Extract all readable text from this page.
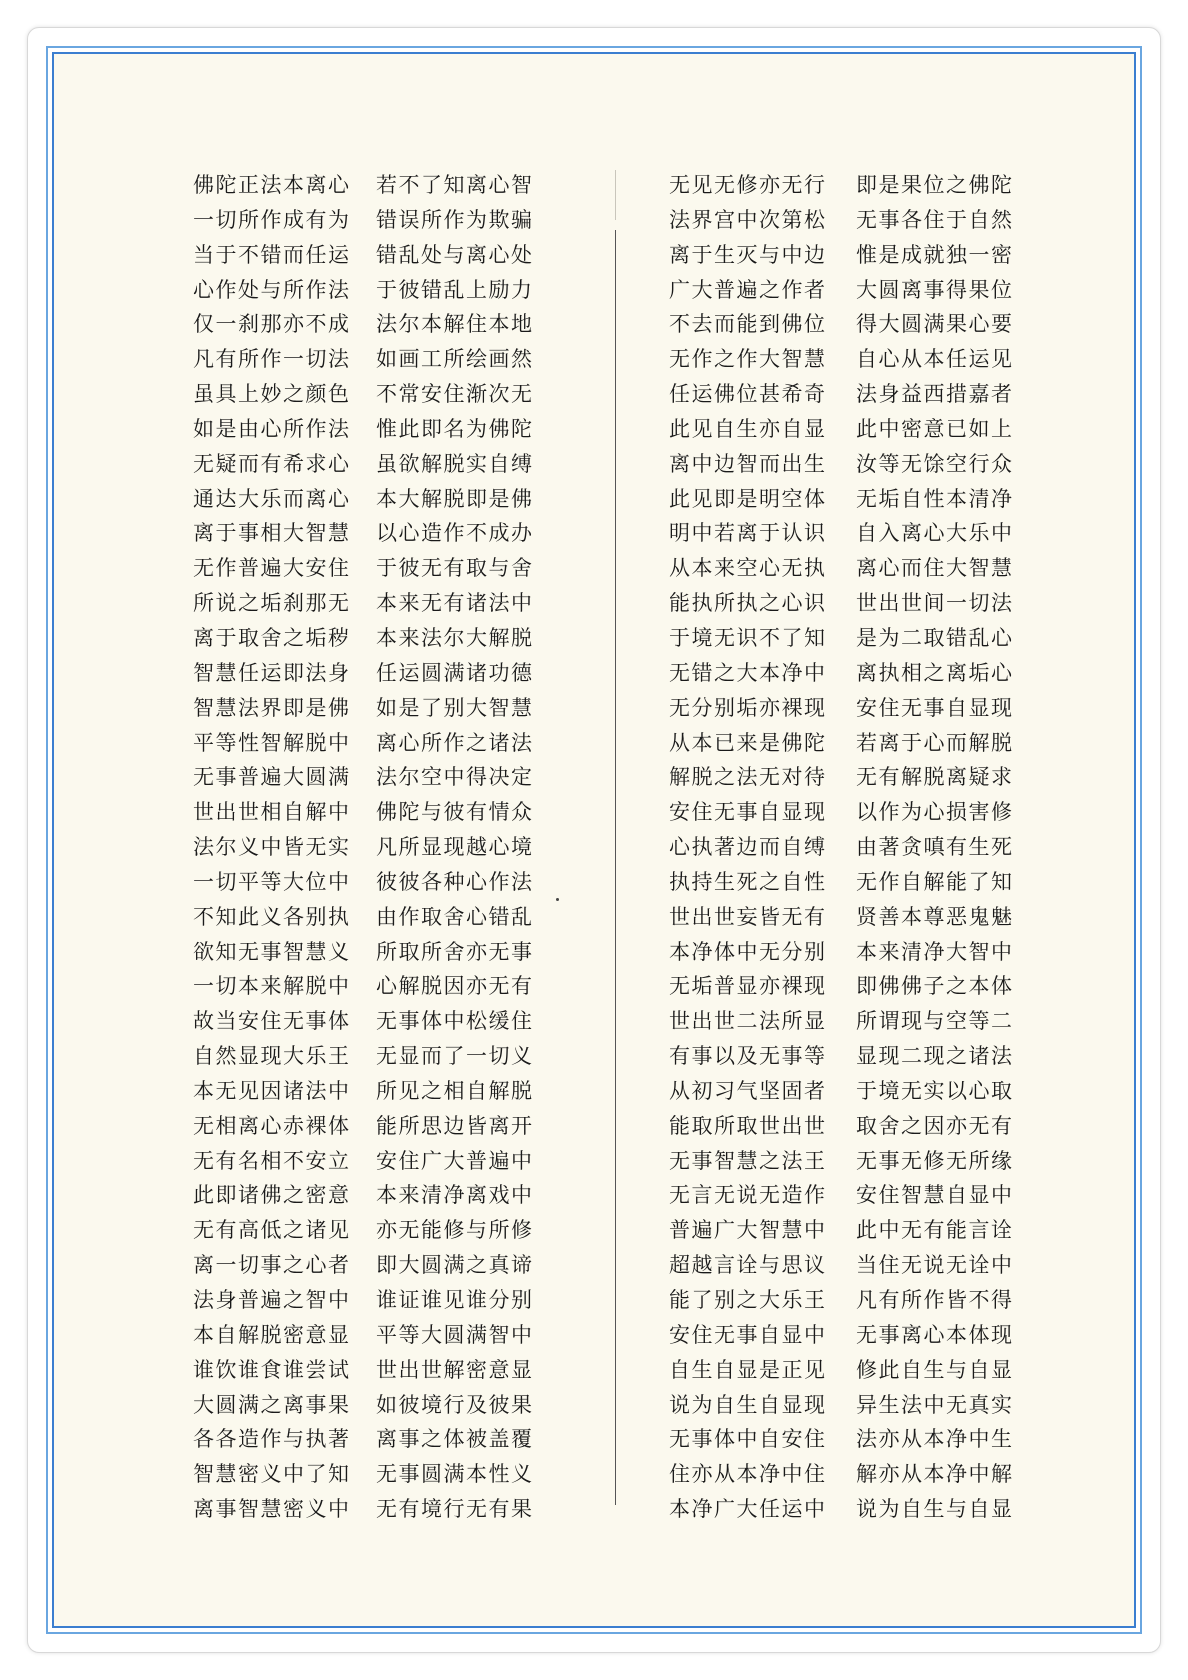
佛陀正法本离心
一切所作成有为
当于不错而任运
心作处与所作法
仅一刹那亦不成
凡有所作一切法
虽具上妙之颜色
如是由心所作法
无疑而有希求心
通达大乐而离心
离于事相大智慧
无作普遍大安住
所说之垢刹那无
离于取舍之垢秽
智慧任运即法身
智慧法界即是佛
平等性智解脱中
无事普遍大圆满
世出世相自解中
法尔义中皆无实
一切平等大位中
不知此义各别执
欲知无事智慧义
一切本来解脱中
故当安住无事体
自然显现大乐王
本无见因诸法中
无相离心赤裸体
无有名相不安立
此即诸佛之密意
无有高低之诸见
离一切事之心者
法身普遍之智中
本自解脱密意显
谁饮谁食谁尝试
大圆满之离事果
各各造作与执著
智慧密义中了知
离事智慧密义中
若不了知离心智
错误所作为欺骗
错乱处与离心处
于彼错乱上励力
法尔本解住本地
如画工所绘画然
不常安住渐次无
惟此即名为佛陀
虽欲解脱实自缚
本大解脱即是佛
以心造作不成办
于彼无有取与舍
本来无有诸法中
本来法尔大解脱
任运圆满诸功德
如是了别大智慧
离心所作之诸法
法尔空中得决定
佛陀与彼有情众
凡所显现越心境
彼彼各种心作法
由作取舍心错乱
所取所舍亦无事
心解脱因亦无有
无事体中松缓住
无显而了一切义
所见之相自解脱
能所思边皆离开
安住广大普遍中
本来清净离戏中
亦无能修与所修
即大圆满之真谛
谁证谁见谁分别
平等大圆满智中
世出世解密意显
如彼境行及彼果
离事之体被盖覆
无事圆满本性义
无有境行无有果
无见无修亦无行
法界宫中次第松
离于生灭与中边
广大普遍之作者
不去而能到佛位
无作之作大智慧
任运佛位甚希奇
此见自生亦自显
离中边智而出生
此见即是明空体
明中若离于认识
从本来空心无执
能执所执之心识
于境无识不了知
无错之大本净中
无分别垢亦裸现
从本已来是佛陀
解脱之法无对待
安住无事自显现
心执著边而自缚
执持生死之自性
世出世妄皆无有
本净体中无分别
无垢普显亦裸现
世出世二法所显
有事以及无事等
从初习气坚固者
能取所取世出世
无事智慧之法王
无言无说无造作
普遍广大智慧中
超越言诠与思议
能了别之大乐王
安住无事自显中
自生自显是正见
说为自生自显现
无事体中自安住
住亦从本净中住
本净广大任运中
即是果位之佛陀
无事各住于自然
惟是成就独一密
大圆离事得果位
得大圆满果心要
自心从本任运见
法身益西措嘉者
此中密意已如上
汝等无馀空行众
无垢自性本清净
自入离心大乐中
离心而住大智慧
世出世间一切法
是为二取错乱心
离执相之离垢心
安住无事自显现
若离于心而解脱
无有解脱离疑求
以作为心损害修
由著贪嗔有生死
无作自解能了知
贤善本尊恶鬼魅
本来清净大智中
即佛佛子之本体
所谓现与空等二
显现二现之诸法
于境无实以心取
取舍之因亦无有
无事无修无所缘
安住智慧自显中
此中无有能言诠
当住无说无诠中
凡有所作皆不得
无事离心本体现
修此自生与自显
异生法中无真实
法亦从本净中生
解亦从本净中解
说为自生与自显
